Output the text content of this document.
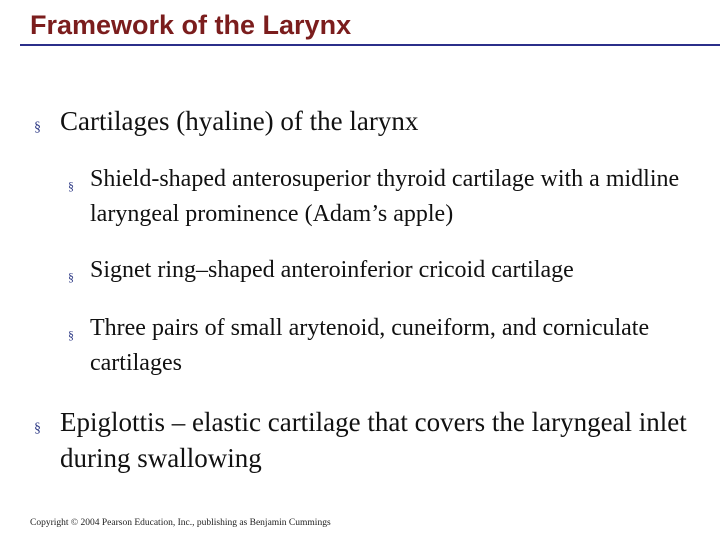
Framework of the Larynx
§ Cartilages (hyaline) of the larynx
§ Shield-shaped anterosuperior thyroid cartilage with a midline laryngeal prominence (Adam’s apple)
§ Signet ring–shaped anteroinferior cricoid cartilage
§ Three pairs of small arytenoid, cuneiform, and corniculate cartilages
§ Epiglottis – elastic cartilage that covers the laryngeal inlet during swallowing
Copyright © 2004 Pearson Education, Inc., publishing as Benjamin Cummings
